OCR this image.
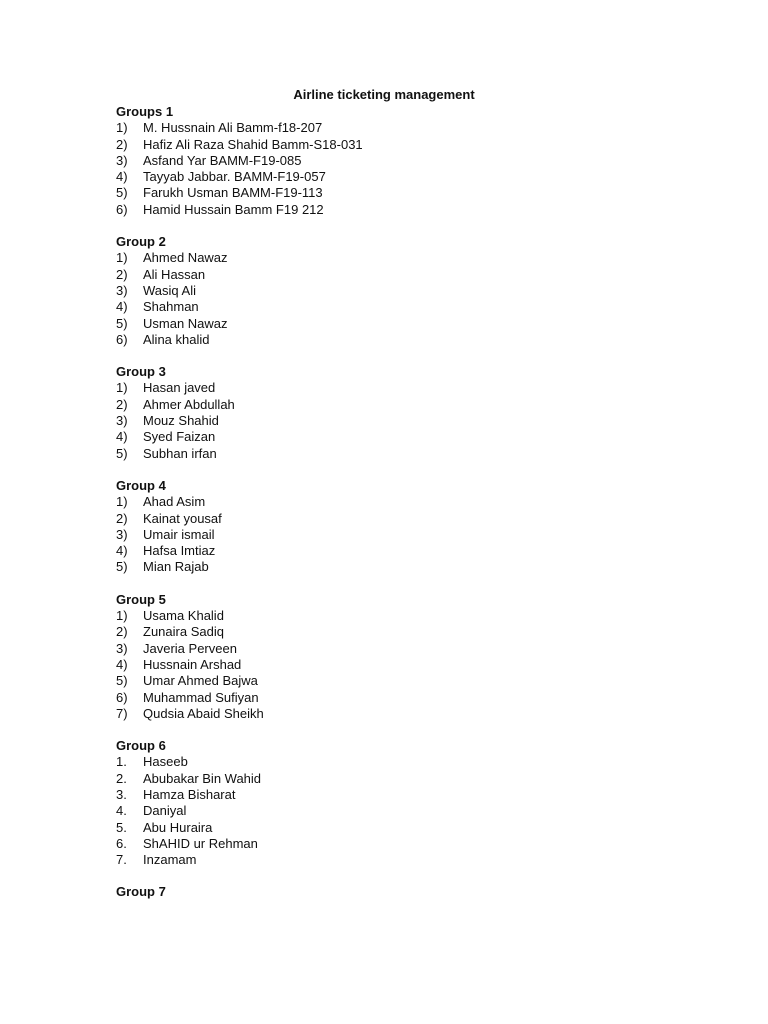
Airline ticketing management
Groups 1
1)	M. Hussnain Ali Bamm-f18-207
2)	Hafiz Ali Raza Shahid Bamm-S18-031
3)	Asfand Yar BAMM-F19-085
4)	Tayyab Jabbar. BAMM-F19-057
5)	Farukh Usman BAMM-F19-113
6)	Hamid Hussain Bamm F19 212
Group 2
1)	Ahmed Nawaz
2)	Ali Hassan
3)	Wasiq Ali
4)	Shahman
5)	Usman Nawaz
6)	Alina khalid
Group 3
1)	Hasan javed
2)	Ahmer Abdullah
3)	Mouz Shahid
4)	Syed Faizan
5)	Subhan irfan
Group 4
1)	Ahad Asim
2)	Kainat yousaf
3)	Umair ismail
4)	Hafsa Imtiaz
5)	Mian Rajab
Group 5
1)	Usama Khalid
2)	Zunaira Sadiq
3)	Javeria Perveen
4)	Hussnain Arshad
5)	Umar Ahmed Bajwa
6)	Muhammad Sufiyan
7)	Qudsia Abaid Sheikh
Group 6
1.	Haseeb
2.	Abubakar Bin Wahid
3.	Hamza Bisharat
4.	Daniyal
5.	Abu Huraira
6.	ShAHID ur Rehman
7.	Inzamam
Group 7
